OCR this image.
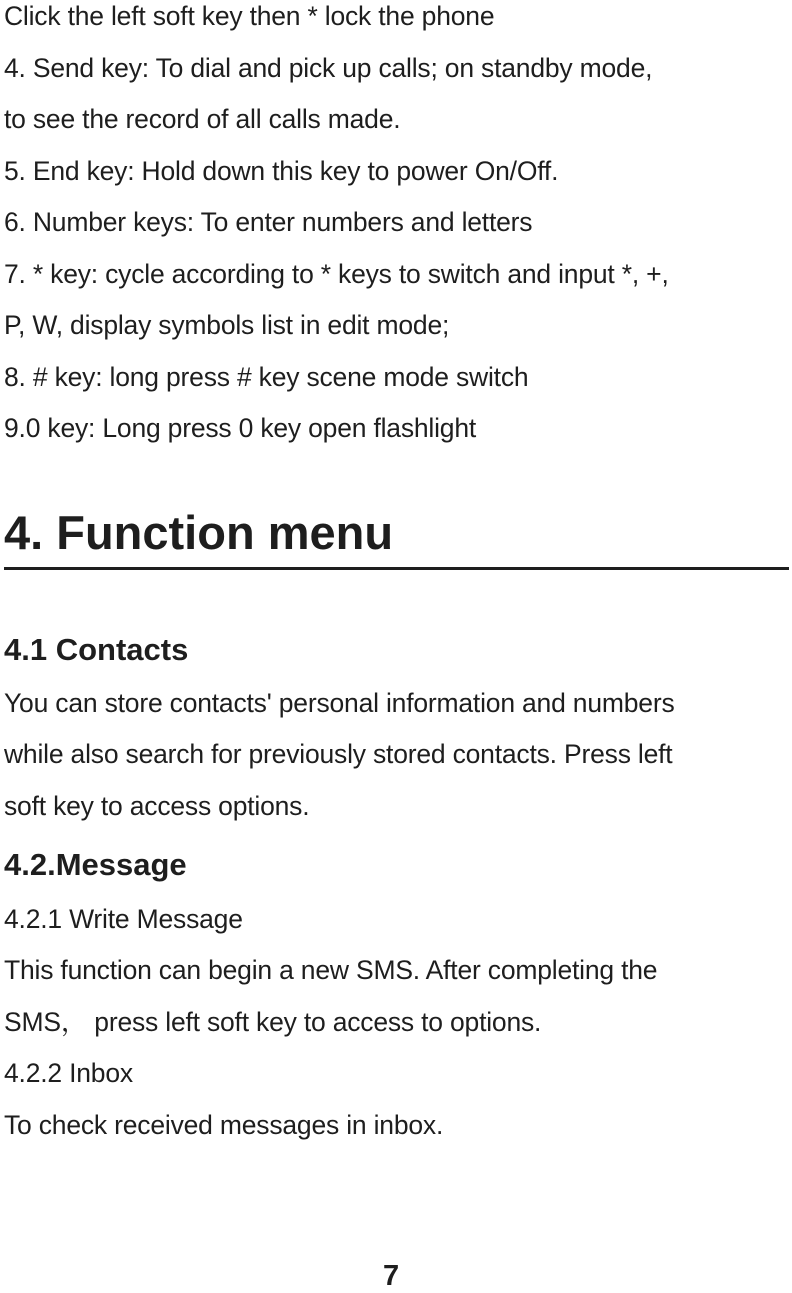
Click the left soft key then * lock the phone
4. Send key: To dial and pick up calls; on standby mode,
to see the record of all calls made.
5. End key: Hold down this key to power On/Off.
6. Number keys: To enter numbers and letters
7. * key: cycle according to * keys to switch and input *, +,
P, W, display symbols list in edit mode;
8. # key: long press # key scene mode switch
9.0 key: Long press 0 key open flashlight
4. Function menu
4.1 Contacts
You can store contacts' personal information and numbers
while also search for previously stored contacts. Press left
soft key to access options.
4.2.Message
4.2.1 Write Message
This function can begin a new SMS. After completing the
SMS， press left soft key to access to options.
4.2.2 Inbox
To check received messages in inbox.
7
